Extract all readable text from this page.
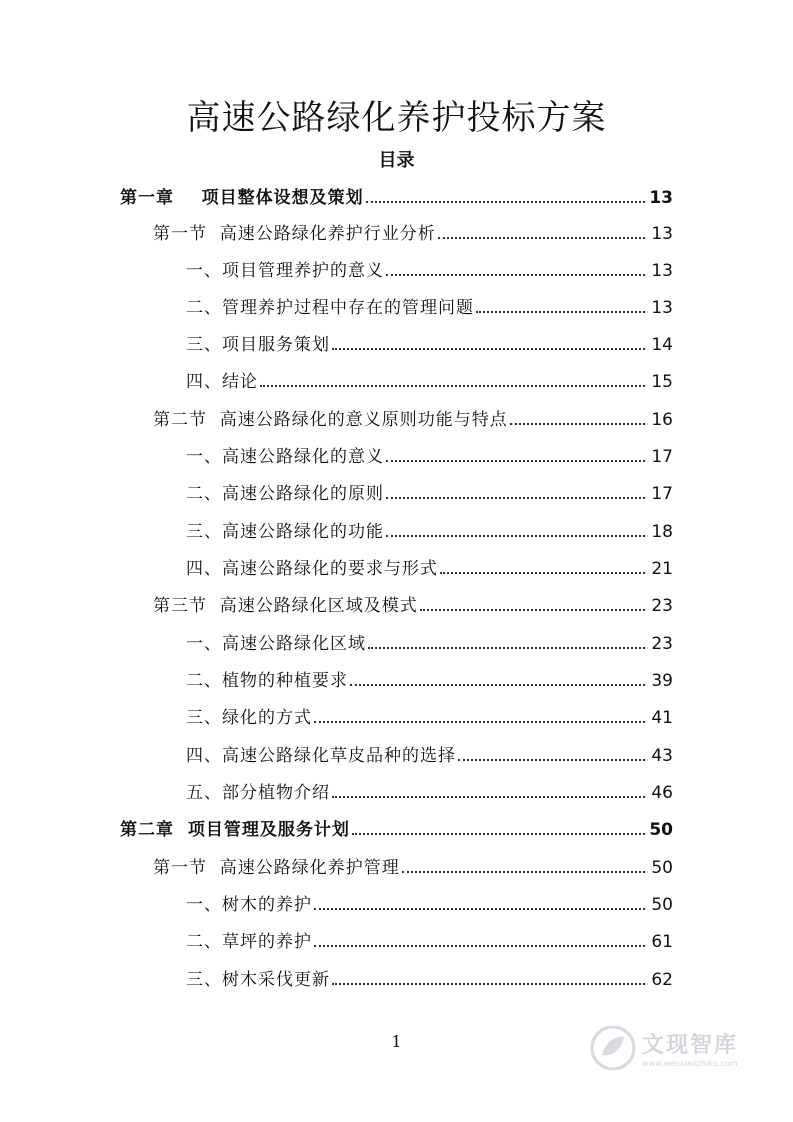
高速公路绿化养护投标方案
目录
第一章    项目整体设想及策划	13
第一节  高速公路绿化养护行业分析	13
一、项目管理养护的意义	13
二、管理养护过程中存在的管理问题	13
三、项目服务策划	14
四、结论	15
第二节  高速公路绿化的意义原则功能与特点	16
一、高速公路绿化的意义	17
二、高速公路绿化的原则	17
三、高速公路绿化的功能	18
四、高速公路绿化的要求与形式	21
第三节  高速公路绿化区域及模式	23
一、高速公路绿化区域	23
二、植物的种植要求	39
三、绿化的方式	41
四、高速公路绿化草皮品种的选择	43
五、部分植物介绍	46
第二章  项目管理及服务计划	50
第一节  高速公路绿化养护管理	50
一、树木的养护	50
二、草坪的养护	61
三、树木采伐更新	62
1	文现智库
www.wenxianzhiku.com
